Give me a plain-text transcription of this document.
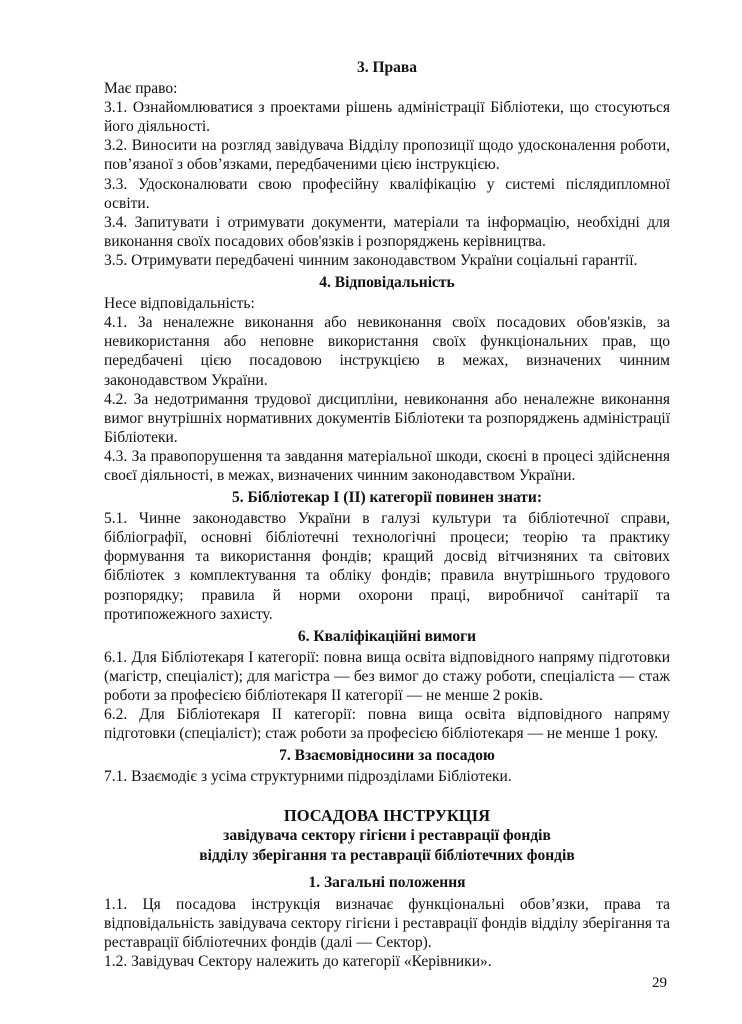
3. Права

Має право:

3.1. Ознайомлюватися з проектами рішень адміністрації Бібліотеки, що стосуються його діяльності.

3.2. Виносити на розгляд завідувача Відділу пропозиції щодо удосконалення роботи, пов’язаної з обов’язками, передбаченими цією інструкцією.

3.3. Удосконалювати свою професійну кваліфікацію у системі післядипломної освіти.

3.4. Запитувати і отримувати документи, матеріали та інформацію, необхідні для виконання своїх посадових обов'язків і розпоряджень керівництва.

3.5. Отримувати передбачені чинним законодавством України соціальні гарантії.

4. Відповідальність

Несе відповідальність:

4.1. За неналежне виконання або невиконання своїх посадових обов'язків, за невикористання або неповне використання своїх функціональних прав, що передбачені цією посадовою інструкцією в межах, визначених чинним законодавством України.

4.2. За недотримання трудової дисципліни, невиконання або неналежне виконання вимог внутрішніх нормативних документів Бібліотеки та розпоряджень адміністрації Бібліотеки.

4.3. За правопорушення та завдання матеріальної шкоди, скоєні в процесі здійснення своєї діяльності, в межах, визначених чинним законодавством України.

5. Бібліотекар І (ІІ) категорії повинен знати:

5.1. Чинне законодавство України в галузі культури та бібліотечної справи, бібліографії, основні бібліотечні технологічні процеси; теорію та практику формування та використання фондів; кращий досвід вітчизняних та світових бібліотек з комплектування та обліку фондів; правила внутрішнього трудового розпорядку; правила й норми охорони праці, виробничої санітарії та протипожежного захисту.

6. Кваліфікаційні вимоги

6.1. Для Бібліотекаря І категорії: повна вища освіта відповідного напряму підготовки (магістр, спеціаліст); для магістра — без вимог до стажу роботи, спеціаліста — стаж роботи за професією бібліотекаря ІІ категорії — не менше 2 років.

6.2. Для Бібліотекаря ІІ категорії: повна вища освіта відповідного напряму підготовки (спеціаліст); стаж роботи за професією бібліотекаря — не менше 1 року.

7. Взаємовідносини за посадою

7.1. Взаємодіє з усіма структурними підрозділами Бібліотеки.

ПОСАДОВА ІНСТРУКЦІЯ
завідувача сектору гігієни і реставрації фондів
відділу зберігання та реставрації бібліотечних фондів
1. Загальні положення

1.1. Ця посадова інструкція визначає функціональні обов’язки, права та відповідальність завідувача сектору гігієни і реставрації фондів відділу зберігання та реставрації бібліотечних фондів (далі — Сектор).

1.2. Завідувач Сектору належить до категорії «Керівники».

29
